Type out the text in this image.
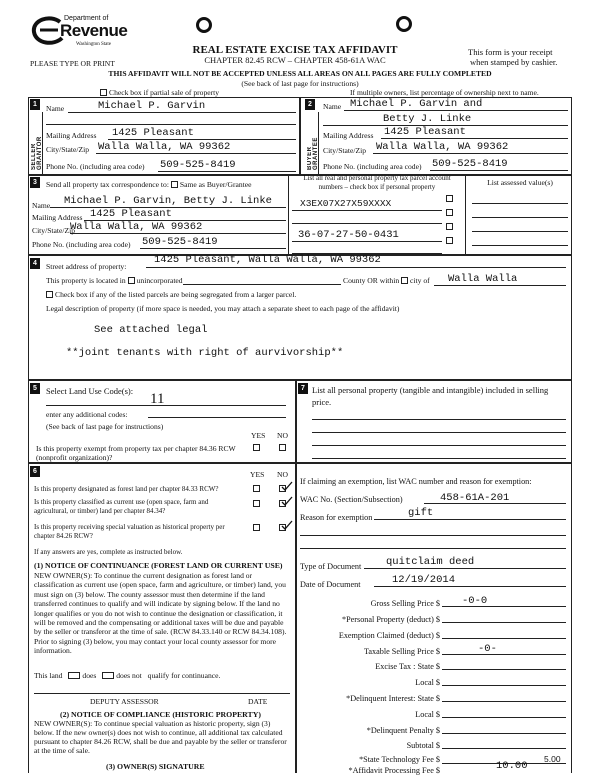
Department of
Revenue
Washington State
PLEASE TYPE OR PRINT
REAL ESTATE EXCISE TAX AFFIDAVIT
CHAPTER 82.45 RCW – CHAPTER 458-61A WAC
This form is your receipt
when stamped by cashier.
THIS AFFIDAVIT WILL NOT BE ACCEPTED UNLESS ALL AREAS ON ALL PAGES ARE FULLY COMPLETED
(See back of last page for instructions)
Check box if partial sale of property	If multiple owners, list percentage of ownership next to name.
1
SELLER GRANTOR
Name	Michael P. Garvin
Mailing Address 1425 Pleasant
City/State/Zip Walla Walla, WA 99362
Phone No. (including area code) 509-525-8419
2
BUYER GRANTEE
Name Michael P. Garvin and
Betty J. Linke
Mailing Address 1425 Pleasant
City/State/Zip Walla Walla, WA 99362
Phone No. (including area code) 509-525-8419
3	Send all property tax correspondence to: Same as Buyer/Grantee
Name Michael P. Garvin, Betty J. Linke
Mailing Address 1425 Pleasant
City/State/Zip
Walla Walla, WA 99362
Phone No. (including area code) 509-525-8419
List all real and personal property tax parcel account numbers – check box if personal property	List assessed value(s)
X3EX07X27X59XXXX
36-07-27-50-0431
4	Street address of property:
1425 Pleasant, Walla Walla, WA 99362
This property is located in unincorporated	County OR within city of Walla Walla
Check box if any of the listed parcels are being segregated from a larger parcel.
Legal description of property (if more space is needed, you may attach a separate sheet to each page of the affidavit)
See attached legal
**joint tenants with right of aurvivorship**
5	Select Land Use Code(s): 11
enter any additional codes:
(See back of last page for instructions)
YES NO
Is this property exempt from property tax per chapter 84.36 RCW (nonprofit organization)?
7 List all personal property (tangible and intangible) included in selling price.
6	YES NO
Is this property designated as forest land per chapter 84.33 RCW?
Is this property classified as current use (open space, farm and agricultural, or timber) land per chapter 84.34?
Is this property receiving special valuation as historical property per chapter 84.26 RCW?
If any answers are yes, complete as instructed below.
(1) NOTICE OF CONTINUANCE (FOREST LAND OR CURRENT USE)
NEW OWNER(S): To continue the current designation as forest land or classification as current use (open space, farm and agriculture, or timber) land, you must sign on (3) below. The county assessor must then determine if the land transferred continues to qualify and will indicate by signing below. If the land no longer qualifies or you do not wish to continue the designation or classification, it will be removed and the compensating or additional taxes will be due and payable by the seller or transferor at the time of sale. (RCW 84.33.140 or RCW 84.34.108). Prior to signing (3) below, you may contact your local county assessor for more information.
This land	does	does not qualify for continuance.
DEPUTY ASSESSOR	DATE
(2) NOTICE OF COMPLIANCE (HISTORIC PROPERTY)
NEW OWNER(S): To continue special valuation as historic property, sign (3) below. If the new owner(s) does not wish to continue, all additional tax calculated pursuant to chapter 84.26 RCW, shall be due and payable by the seller or transferor at the time of sale.
(3) OWNER(S) SIGNATURE
If claiming an exemption, list WAC number and reason for exemption:
WAC No. (Section/Subsection)	458-61A-201
Reason for exemption	gift
Type of Document quitclaim deed
Date of Document	12/19/2014
Gross Selling Price $ -0-0
*Personal Property (deduct) $
Exemption Claimed (deduct) $
Taxable Selling Price $	-0-
Excise Tax : State $
Local $
*Delinquent Interest: State $
Local $
*Delinquent Penalty $
Subtotal $
*State Technology Fee $	5.00
*Affidavit Processing Fee $	10.00
